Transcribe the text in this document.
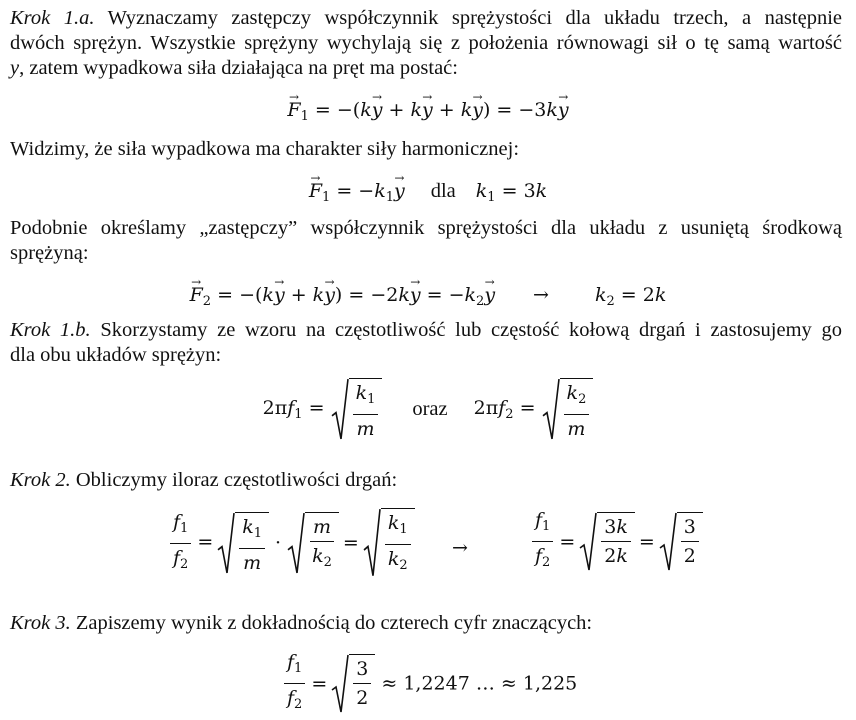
Krok 1.a. Wyznaczamy zastępczy współczynnik sprężystości dla układu trzech, a następnie
dwóch sprężyn. Wszystkie sprężyny wychylają się z położenia równowagi sił o tę samą wartość
y, zatem wypadkowa siła działająca na pręt ma postać:
→ $F_1 = -(k\to y + k\to y + k\to y) = -3k\to y$
Widzimy, że siła wypadkowa ma charakter siły harmonicznej:
→ $F_1 = -k_1\to y$ dla $k_1 = 3k$
Podobnie określamy „zastępczy” współczynnik sprężystości dla układu z usuniętą środkową
sprężyną:
→ $F_2 = -(k\to y + k\to y) = -2k\to y = -k_2\to y \to k_2 = 2k$
Krok 1.b. Skorzystamy ze wzoru na częstotliwość lub częstość kołową drgań i zastosujemy go
dla obu układów sprężyn:
$2\pi f_1 = \frac{k_1}{m}$ oraz $2\pi f_2 = \frac{k_2}{m}$
Krok 2. Obliczymy iloraz częstotliwości drgań:
$\frac{f_1}{f_2} = \frac{k_1}{m} \cdot \frac{m}{k_2} = \frac{k_1}{k_2}$ →	$\frac{f_1}{f_2} = \frac{3k}{2k} = \frac{3}{2}$
Krok 3. Zapiszemy wynik z dokładnością do czterech cyfr znaczących:
$\frac{f_1}{f_2} = \frac{3}{2} \approx 1,2247$ … ≈ 1,225
